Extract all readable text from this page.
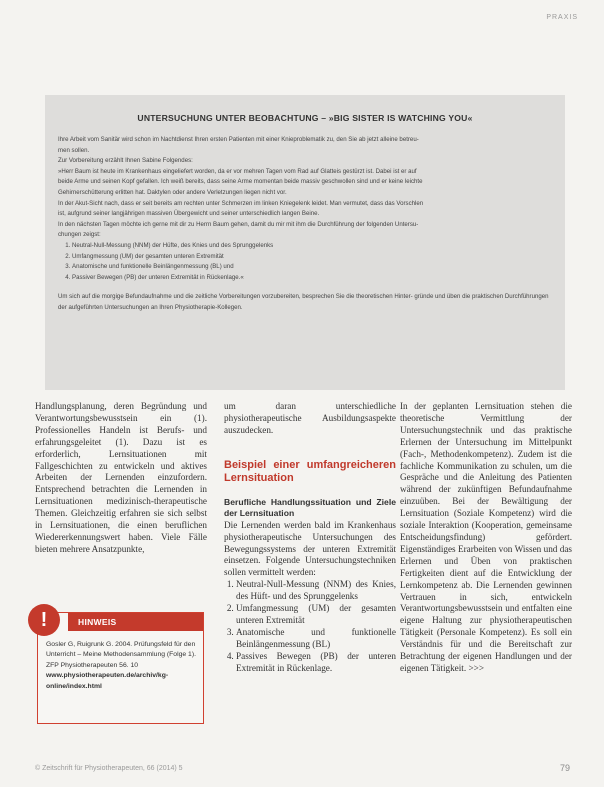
PRAXIS
UNTERSUCHUNG UNTER BEOBACHTUNG – »BIG SISTER IS WATCHING YOU«

Ihre Arbeit vom Sanitär wird schon im Nachtdienst Ihren ersten Patienten mit einer Knieproblematik zu, den Sie ab jetzt alleine betreu-

men sollen.

Zur Vorbereitung erzählt Ihnen Sabine Folgendes:

»Herr Baum ist heute im Krankenhaus eingeliefert worden, da er vor mehren Tagen vom Rad auf Glatteis gestürzt ist. Dabei ist er auf

beide Arme und seinen Kopf gefallen. Ich weiß bereits, dass seine Arme momentan beide massiv geschwollen sind und er keine leichte

Gehirnerschütterung erlitten hat. Daktylen oder andere Verletzungen liegen nicht vor.

In der Akut-Sicht nach, dass er seit bereits am rechten unter Schmerzen im linken Kniegelenk leidet. Man vermutet, dass das Vorschlen

ist, aufgrund seiner langjährigen massiven Übergewicht und seiner unterschiedlich langen Beine.

In den nächsten Tagen möchte ich gerne mit dir zu Herrn Baum gehen, damit du mir mit ihm die Durchführung der folgenden Untersu-

chungen zeigst:

1. Neutral-Null-Messung (NNM) der Hüfte, des Knies und des Sprunggelenks
2. Umfangmessung (UM) der gesamten unteren Extremität
3. Anatomische und funktionelle Beinlängenmessung (BL) und
4. Passiver Bewegen (PB) der unteren Extremität in Rückenlage.«

Um sich auf die morgige Befundaufnahme und die zeitliche Vorbereitungen vorzubereiten, besprechen Sie die theoretischen Hinter- gründe und üben die praktischen Durchführungen der aufgeführten Untersuchungen an Ihren Physiotherapie-Kollegen.

Handlungsplanung, deren Begründung und Verantwortungsbewusstsein ein (1). Professionelles Handeln ist Berufs- und erfahrungsgeleitet (1). Dazu ist es erforderlich, Lernsituationen mit Fallgeschichten zu entwickeln und aktives Arbeiten der Lernenden einzufordern. Entsprechend betrachten die Lernenden in Lernsituationen medizinisch-therapeutische Themen. Gleichzeitig erfahren sie sich selbst in Lernsituationen, die einen beruflichen Wiedererkennungswert haben. Viele Fälle bieten mehrere Ansatzpunkte,

um daran unterschiedliche physiotherapeutische Ausbildungsaspekte auszudecken.

Beispiel einer umfangreicheren Lernsituation
Berufliche Handlungssituation und Ziele der Lernsituation

Die Lernenden werden bald im Krankenhaus physiotherapeutische Untersuchungen des Bewegungssystems der unteren Extremität einsetzen. Folgende Untersuchungstechniken sollen vermittelt werden:

1. Neutral-Null-Messung (NNM) des Knies, des Hüft- und des Sprunggelenks
2. Umfangmessung (UM) der gesamten unteren Extremität
3. Anatomische und funktionelle Beinlängenmessung (BL)
4. Passives Bewegen (PB) der unteren Extremität in Rückenlage.

In der geplanten Lernsituation stehen die theoretische Vermittlung der Untersuchungstechnik und das praktische Erlernen der Untersuchung im Mittelpunkt (Fach-, Methodenkompetenz). Zudem ist die fachliche Kommunikation zu schulen, um die Gespräche und die Anleitung des Patienten während der zukünftigen Befundaufnahme einzuüben. Bei der Bewältigung der Lernsituation (Soziale Kompetenz) wird die soziale Interaktion (Kooperation, gemeinsame Entscheidungsfindung) gefördert. Eigenständiges Erarbeiten von Wissen und das Erlernen und Üben von praktischen Fertigkeiten dient auf die Entwicklung der Lernkompetenz ab. Die Lernenden gewinnen Vertrauen in sich, entwickeln Verantwortungsbewusstsein und entfalten eine eigene Haltung zur physiotherapeutischen Tätigkeit (Personale Kompetenz). Es soll ein Verständnis für und die Bereitschaft zur Betrachtung der eigenen Handlungen und der eigenen Tätigkeit. >>>

!	HINWEIS
Gosler G, Ruigrunk G. 2004. Prüfungsfeld für den Unterricht – Meine Methodensammlung (Folge 1). ZFP Physiotherapeuten 56. 10
www.physiotherapeuten.de/archiv/kg-online/index.html
© Zeitschrift für Physiotherapeuten, 66 (2014) 5	79
